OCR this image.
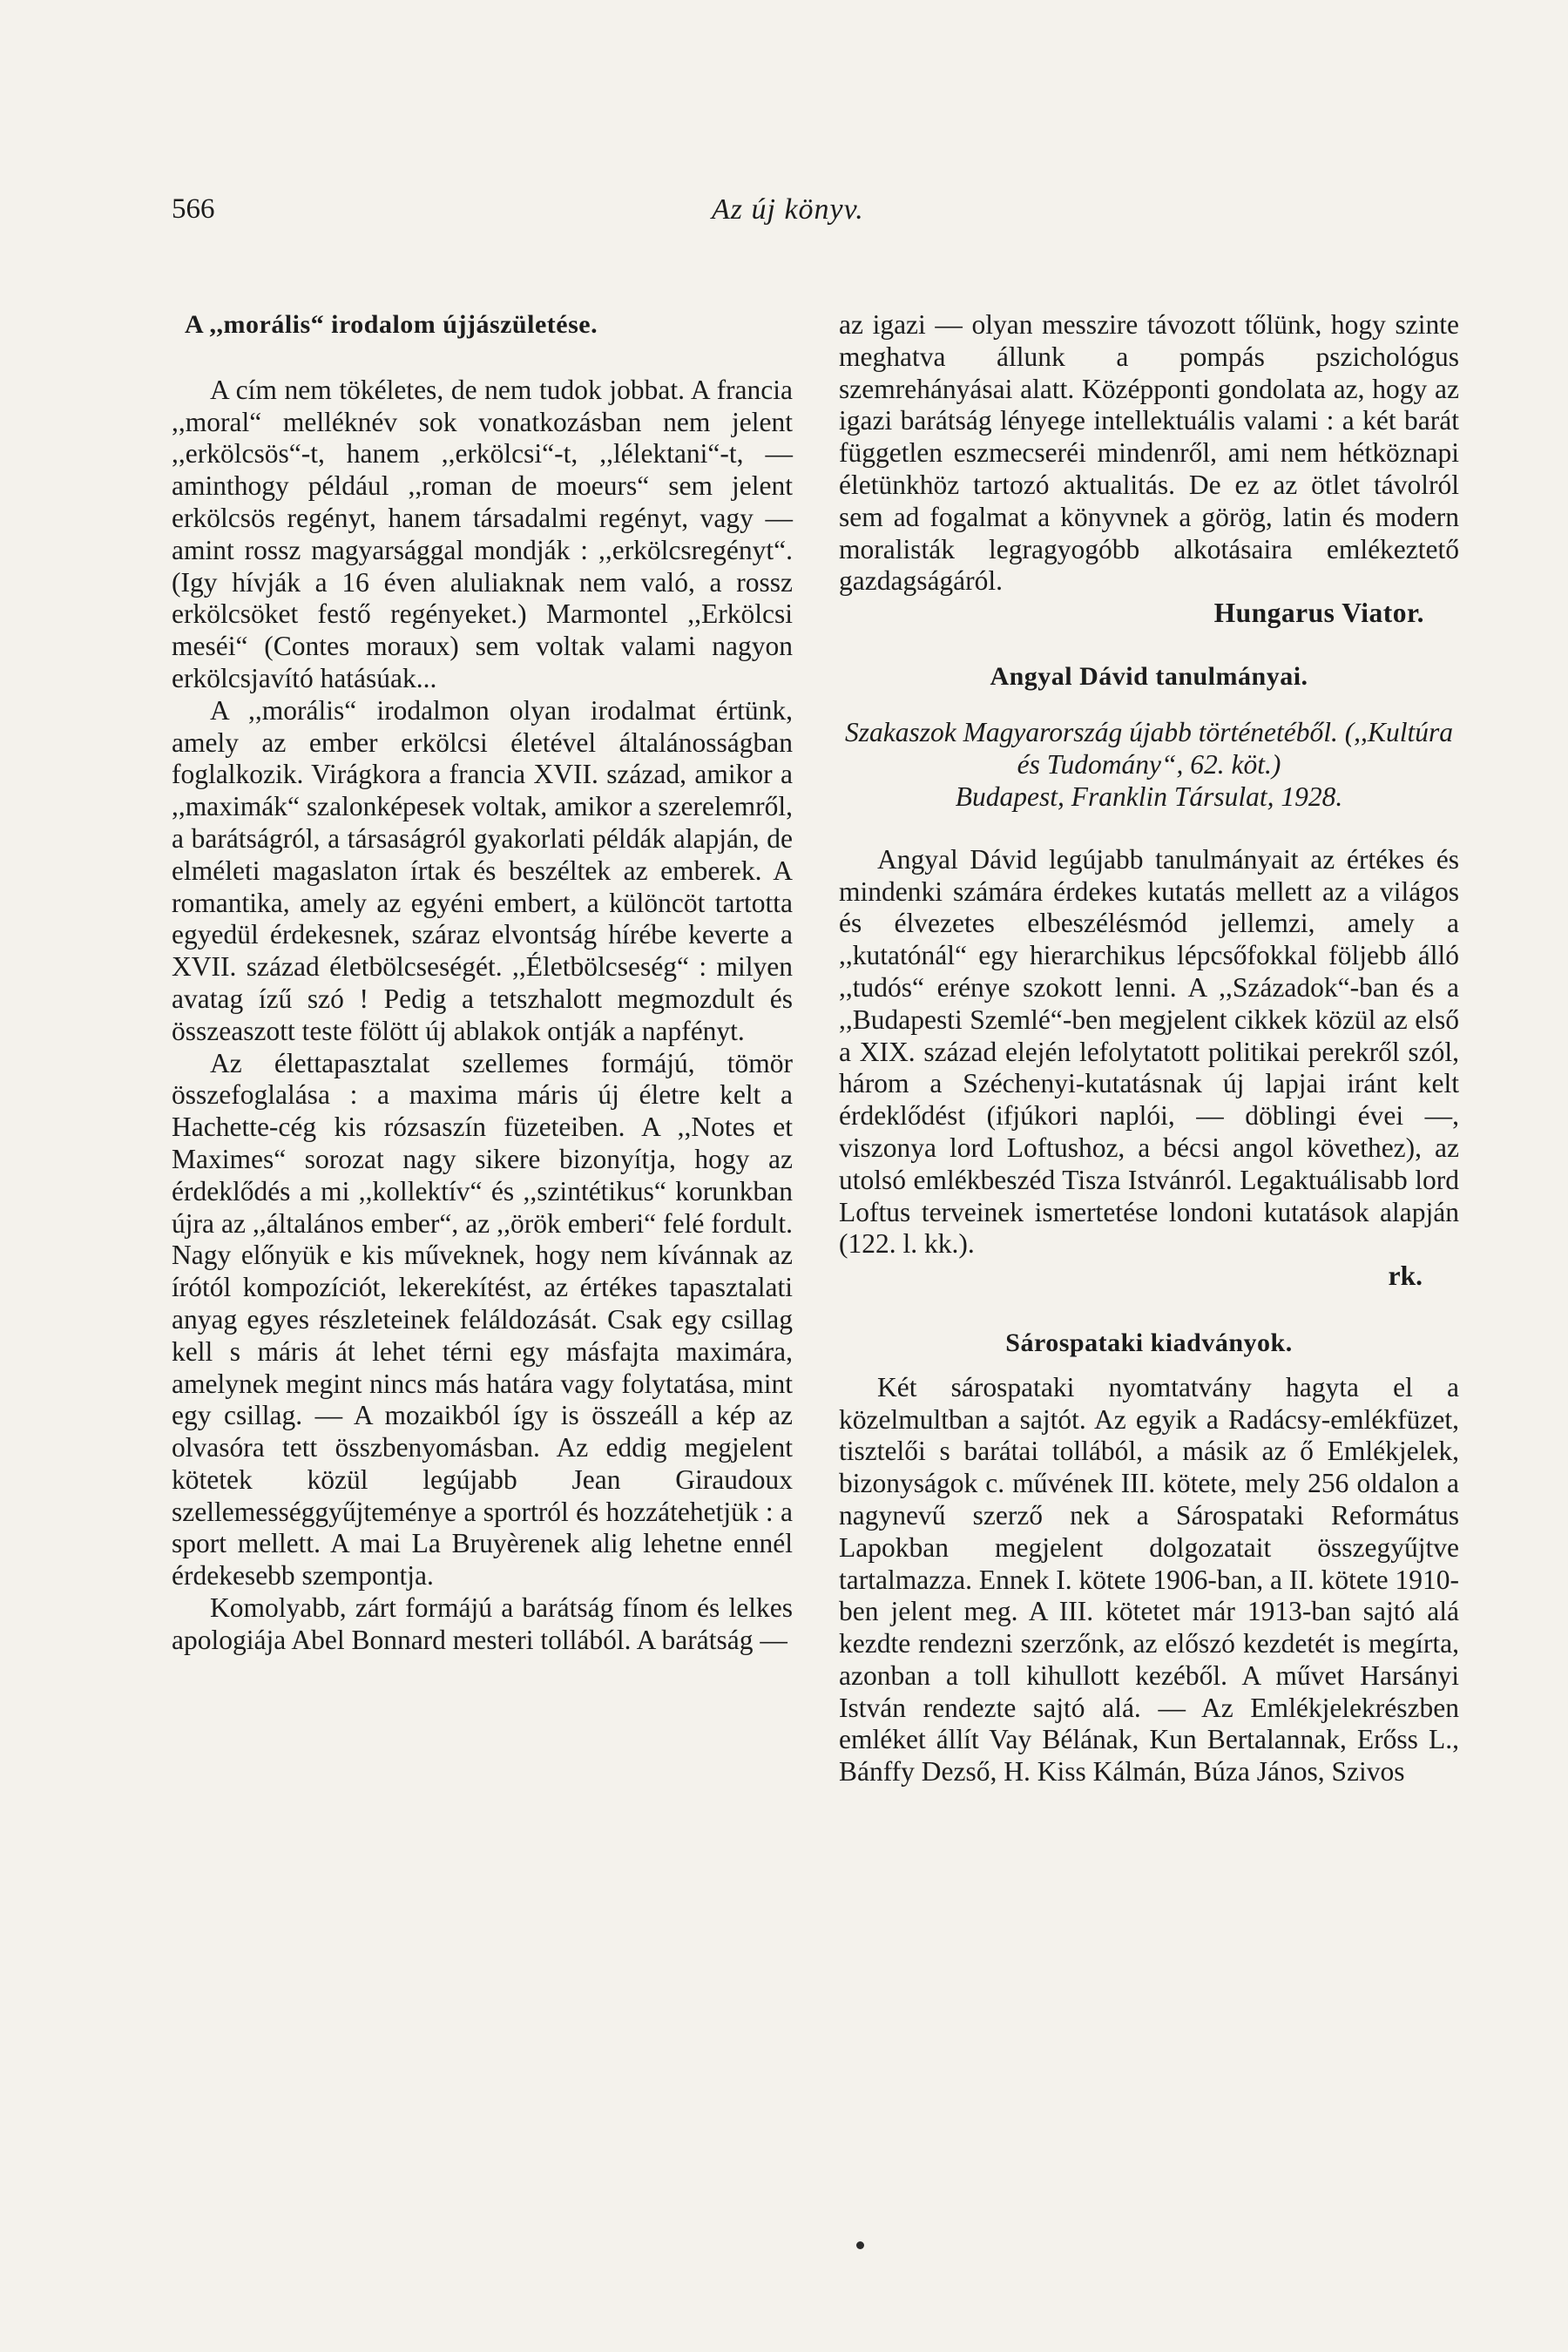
566	Az új könyv.
A ,,morális“ irodalom újjászületése.

A cím nem tökéletes, de nem tudok jobbat. A francia ,,moral“ melléknév sok vonatkozásban nem jelent ,,erkölcsös“-t, hanem ,,erkölcsi“-t, ,,lélektani“-t, — aminthogy például ,,roman de moeurs“ sem jelent erkölcsös regényt, hanem társadalmi regényt, vagy — amint rossz magyarsággal mondják : ,,erkölcsregényt“. (Igy hívják a 16 éven aluliaknak nem való, a rossz erkölcsöket festő regényeket.) Marmontel ,,Erkölcsi meséi“ (Contes moraux) sem voltak valami nagyon erkölcsjavító hatásúak...

A ,,morális“ irodalmon olyan irodalmat értünk, amely az ember erkölcsi életével általánosságban foglalkozik. Virágkora a francia XVII. század, amikor a ,,maximák“ szalonképesek voltak, amikor a szerelemről, a barátságról, a társaságról gyakorlati példák alapján, de elméleti magaslaton írtak és beszéltek az emberek. A romantika, amely az egyéni embert, a különcöt tartotta egyedül érdekesnek, száraz elvontság hírébe keverte a XVII. század életbölcseségét. ,,Életbölcseség“ : milyen avatag ízű szó ! Pedig a tetszhalott megmozdult és összeaszott teste fölött új ablakok ontják a napfényt.

Az élettapasztalat szellemes formájú, tömör összefoglalása : a maxima máris új életre kelt a Hachette-cég kis rózsaszín füzeteiben. A ,,Notes et Maximes“ sorozat nagy sikere bizonyítja, hogy az érdeklődés a mi ,,kollektív“ és ,,szintétikus“ korunkban újra az ,,általános ember“, az ,,örök emberi“ felé fordult. Nagy előnyük e kis műveknek, hogy nem kívánnak az írótól kompozíciót, lekerekítést, az értékes tapasztalati anyag egyes részleteinek feláldozását. Csak egy csillag kell s máris át lehet térni egy másfajta maximára, amelynek megint nincs más határa vagy folytatása, mint egy csillag. — A mozaikból így is összeáll a kép az olvasóra tett összbenyomásban. Az eddig megjelent kötetek közül legújabb Jean Giraudoux szellemességgyűjteménye a sportról és hozzátehetjük : a sport mellett. A mai La Bruyèrenek alig lehetne ennél érdekesebb szempontja.

Komolyabb, zárt formájú a barátság fínom és lelkes apologiája Abel Bonnard mesteri tollából. A barátság —

az igazi — olyan messzire távozott tőlünk, hogy szinte meghatva állunk a pompás pszichológus szemrehányásai alatt. Középponti gondolata az, hogy az igazi barátság lényege intellektuális valami : a két barát független eszmecseréi mindenről, ami nem hétköznapi életünkhöz tartozó aktualitás. De ez az ötlet távolról sem ad fogalmat a könyvnek a görög, latin és modern moralisták legragyogóbb alkotásaira emlékeztető gazdagságáról.

Hungarus Viator.
Angyal Dávid tanulmányai.
Szakaszok Magyarország újabb történetéből. (,,Kultúra és Tudomány“, 62. köt.)
Budapest, Franklin Társulat, 1928.

Angyal Dávid legújabb tanulmányait az értékes és mindenki számára érdekes kutatás mellett az a világos és élvezetes elbeszélésmód jellemzi, amely a ,,kutatónál“ egy hierarchikus lépcsőfokkal följebb álló ,,tudós“ erénye szokott lenni. A ,,Századok“-ban és a ,,Budapesti Szemlé“-ben megjelent cikkek közül az első a XIX. század elején lefolytatott politikai perekről szól, három a Széchenyi-kutatásnak új lapjai iránt kelt érdeklődést (ifjúkori naplói, — döblingi évei —, viszonya lord Loftushoz, a bécsi angol követhez), az utolsó emlékbeszéd Tisza Istvánról. Legaktuálisabb lord Loftus terveinek ismertetése londoni kutatások alapján (122. l. kk.).

rk.
Sárospataki kiadványok.

Két sárospataki nyomtatvány hagyta el a közelmultban a sajtót. Az egyik a Radácsy-emlékfüzet, tisztelői s barátai tollából, a másik az ő Emlékjelek, bizonyságok c. művének III. kötete, mely 256 oldalon a nagynevű szerző nek a Sárospataki Református Lapokban megjelent dolgozatait összegyűjtve tartalmazza. Ennek I. kötete 1906-ban, a II. kötete 1910-ben jelent meg. A III. kötetet már 1913-ban sajtó alá kezdte rendezni szerzőnk, az előszó kezdetét is megírta, azonban a toll kihullott kezéből. A művet Harsányi István rendezte sajtó alá. — Az Emlékjelekrészben emléket állít Vay Bélának, Kun Bertalannak, Erőss L., Bánffy Dezső, H. Kiss Kálmán, Búza János, Szivos
